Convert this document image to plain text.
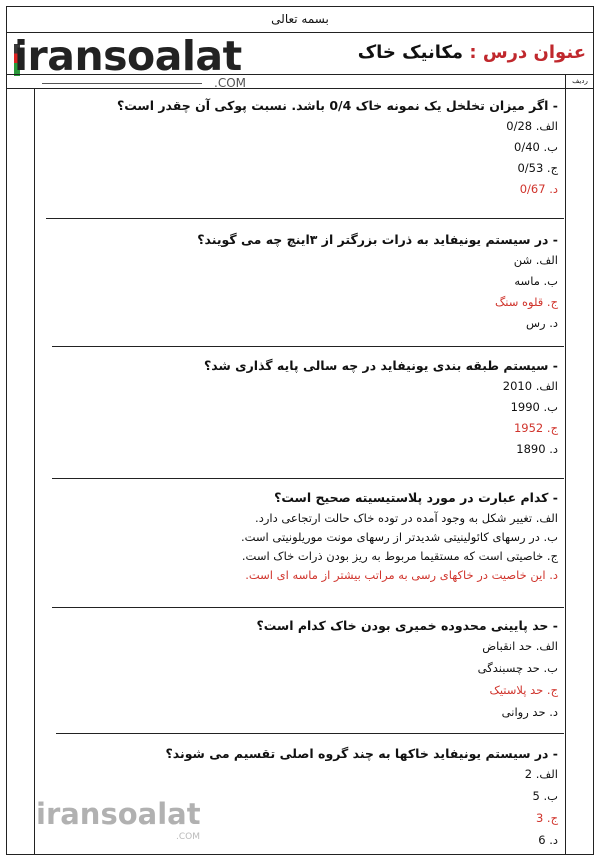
بسمه تعالی
iransoalat
.COM
عنوان درس : مکانیک خاک
ردیف
- اگر میزان تخلخل یک نمونه خاک 0/4 باشد. نسبت پوکی آن چقدر است؟
الف. 0/28
ب. 0/40
ج. 0/53
د. 0/67
- در سیستم یونیفاید به ذرات بزرگتر از ۳اینچ چه می گویند؟
الف. شن
ب. ماسه
ج. قلوه سنگ
د. رس
- سیستم طبقه بندی یونیفاید در چه سالی پایه گذاری شد؟
الف. 2010
ب. 1990
ج. 1952
د. 1890
- کدام عبارت در مورد پلاستیسیته صحیح است؟
الف. تغییر شکل به وجود آمده در توده خاک حالت ارتجاعی دارد.
ب. در رسهای کائولینیتی شدیدتر از رسهای مونت موریلونیتی است.
ج. خاصیتی است که مستقیما مربوط به ریز بودن ذرات خاک است.
د. این خاصیت در خاکهای رسی به مراتب بیشتر از ماسه ای است.
- حد پایینی محدوده خمیری بودن خاک کدام است؟
الف. حد انقباض
ب. حد چسبندگی
ج. حد پلاستیک
د. حد روانی
- در سیستم یونیفاید خاکها به چند گروه اصلی تقسیم می شوند؟
الف. 2
ب. 5
ج. 3
د. 6
iransoalat
.COM
